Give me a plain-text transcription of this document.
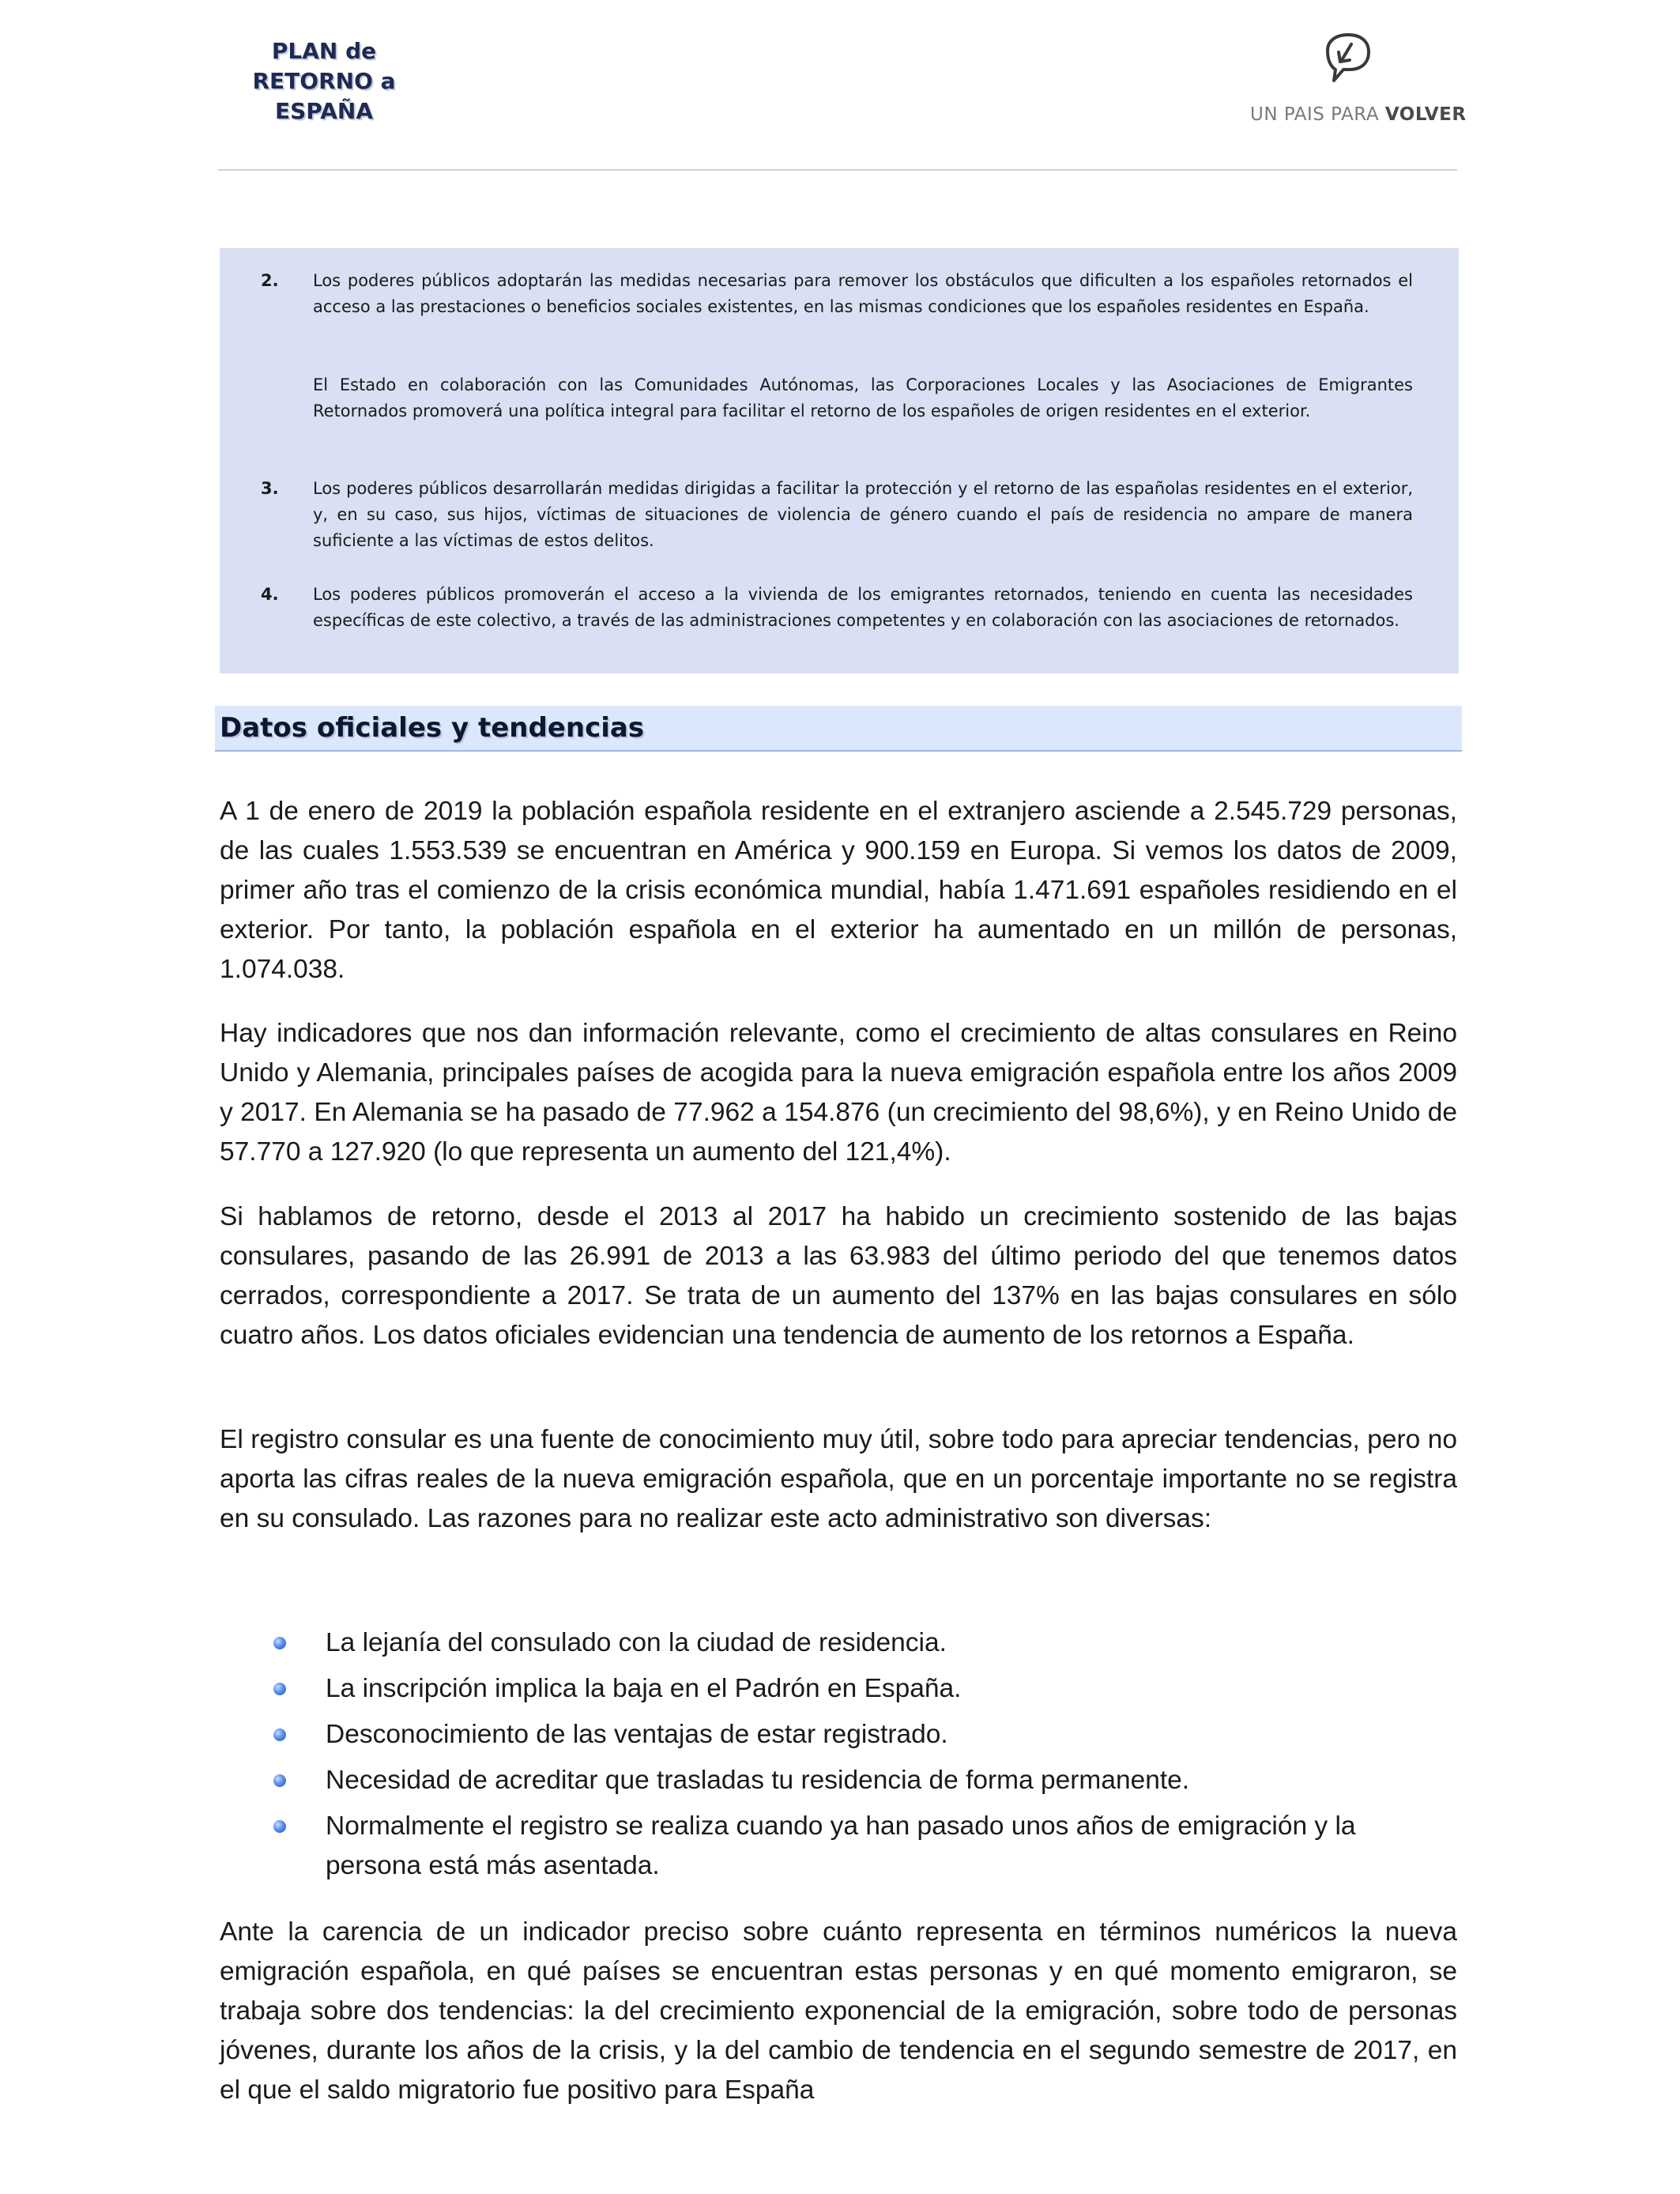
PLAN de
RETORNO a
ESPAÑA	UN PAIS PARA VOLVER
2. Los poderes públicos adoptarán las medidas necesarias para remover los obstáculos que dificulten a los españoles retornados el acceso a las prestaciones o beneficios sociales existentes, en las mismas condiciones que los españoles residentes en España.
El Estado en colaboración con las Comunidades Autónomas, las Corporaciones Locales y las Asociaciones de Emigrantes Retornados promoverá una política integral para facilitar el retorno de los españoles de origen residentes en el exterior.
3. Los poderes públicos desarrollarán medidas dirigidas a facilitar la protección y el retorno de las españolas residentes en el exterior, y, en su caso, sus hijos, víctimas de situaciones de violencia de género cuando el país de residencia no ampare de manera suficiente a las víctimas de estos delitos.
4. Los poderes públicos promoverán el acceso a la vivienda de los emigrantes retornados, teniendo en cuenta las necesidades específicas de este colectivo, a través de las administraciones competentes y en colaboración con las asociaciones de retornados.
Datos oficiales y tendencias
A 1 de enero de 2019 la población española residente en el extranjero asciende a 2.545.729 personas, de las cuales 1.553.539 se encuentran en América y 900.159 en Europa. Si vemos los datos de 2009, primer año tras el comienzo de la crisis económica mundial, había 1.471.691 españoles residiendo en el exterior. Por tanto, la población española en el exterior ha aumentado en un millón de personas, 1.074.038.
Hay indicadores que nos dan información relevante, como el crecimiento de altas consulares en Reino Unido y Alemania, principales países de acogida para la nueva emigración española entre los años 2009 y 2017. En Alemania se ha pasado de 77.962 a 154.876 (un crecimiento del 98,6%), y en Reino Unido de 57.770 a 127.920 (lo que representa un aumento del 121,4%).
Si hablamos de retorno, desde el 2013 al 2017 ha habido un crecimiento sostenido de las bajas consulares, pasando de las 26.991 de 2013 a las 63.983 del último periodo del que tenemos datos cerrados, correspondiente a 2017. Se trata de un aumento del 137% en las bajas consulares en sólo cuatro años. Los datos oficiales evidencian una tendencia de aumento de los retornos a España.
El registro consular es una fuente de conocimiento muy útil, sobre todo para apreciar tendencias, pero no aporta las cifras reales de la nueva emigración española, que en un porcentaje importante no se registra en su consulado. Las razones para no realizar este acto administrativo son diversas:
La lejanía del consulado con la ciudad de residencia.
La inscripción implica la baja en el Padrón en España.
Desconocimiento de las ventajas de estar registrado.
Necesidad de acreditar que trasladas tu residencia de forma permanente.
Normalmente el registro se realiza cuando ya han pasado unos años de emigración y la persona está más asentada.
Ante la carencia de un indicador preciso sobre cuánto representa en términos numéricos la nueva emigración española, en qué países se encuentran estas personas y en qué momento emigraron, se trabaja sobre dos tendencias: la del crecimiento exponencial de la emigración, sobre todo de personas jóvenes, durante los años de la crisis, y la del cambio de tendencia en el segundo semestre de 2017, en el que el saldo migratorio fue positivo para España
